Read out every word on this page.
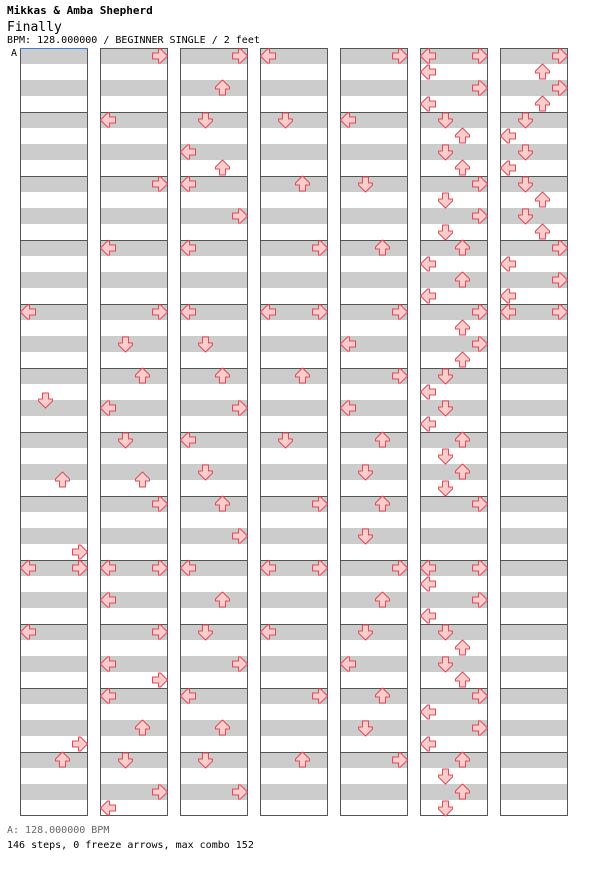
Mikkas & Amba Shepherd
Finally
BPM: 128.000000 / BEGINNER SINGLE / 2 feet
A
A: 128.000000 BPM
146 steps, 0 freeze arrows, max combo 152
